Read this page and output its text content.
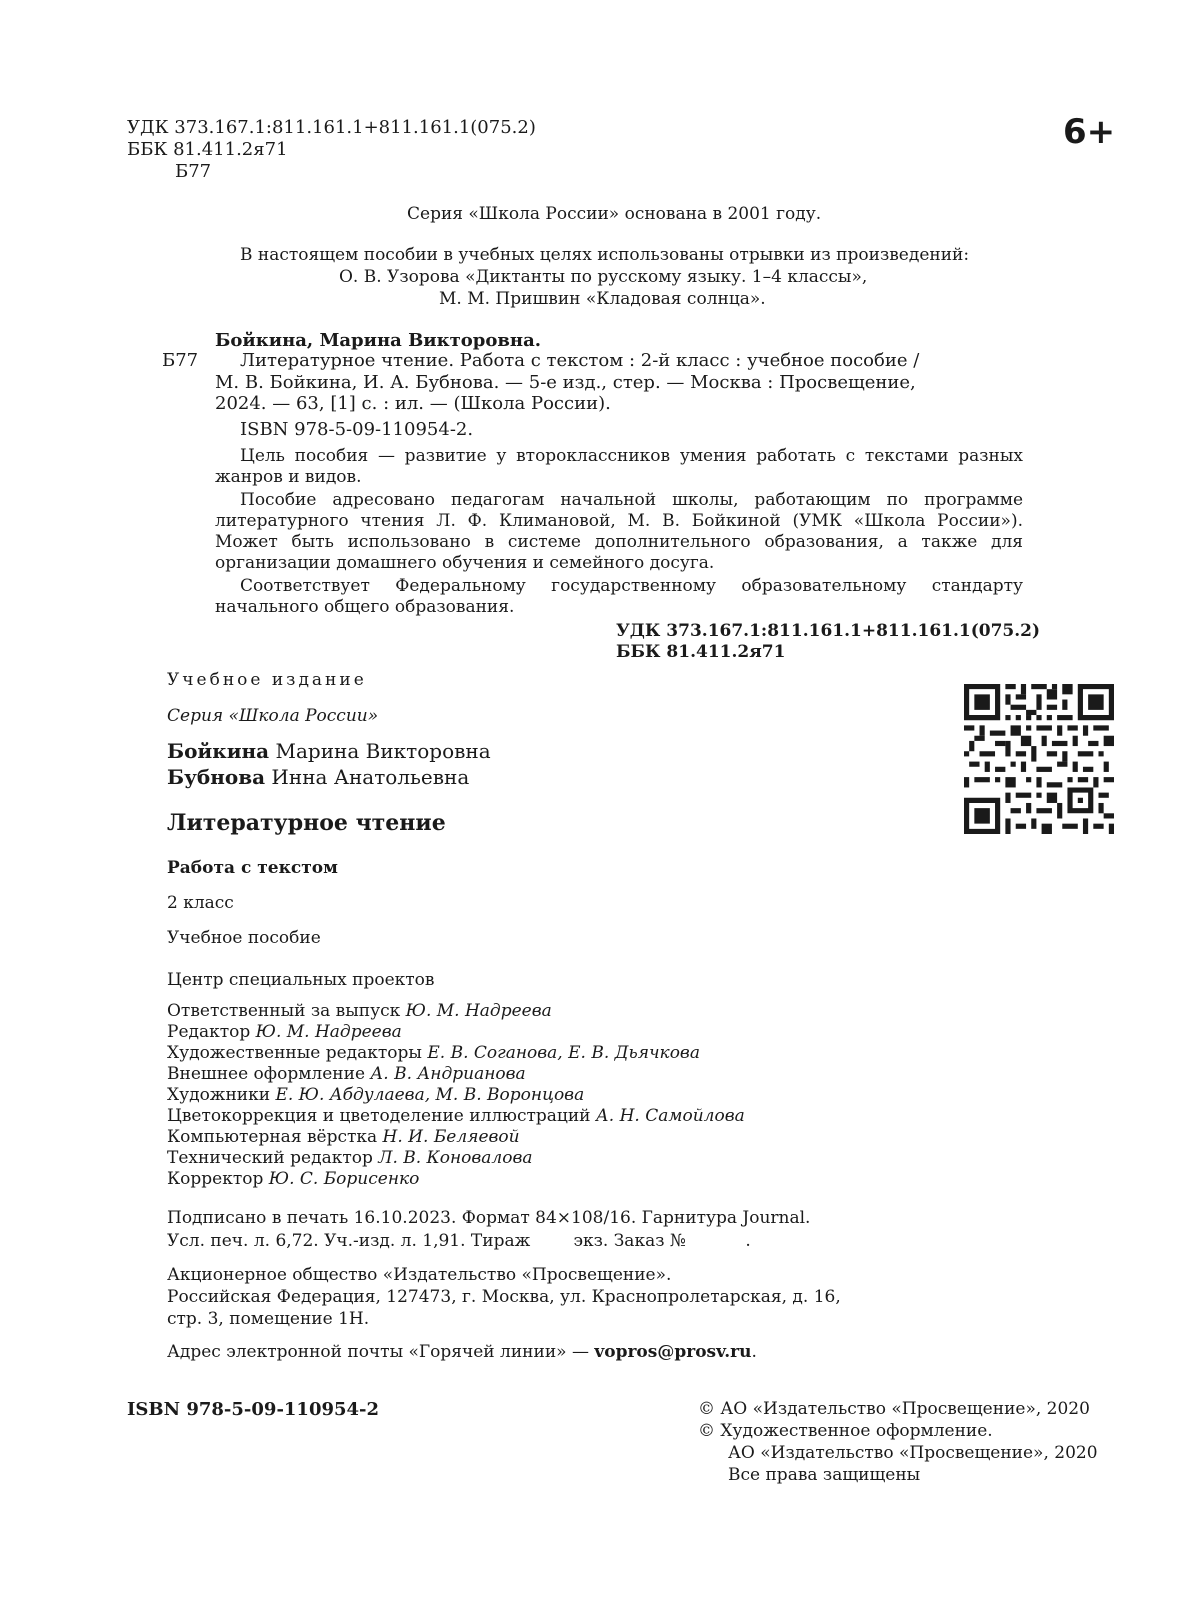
УДК 373.167.1:811.161.1+811.161.1(075.2)
ББК 81.411.2я71
Б77
6+
Серия «Школа России» основана в 2001 году.
В настоящем пособии в учебных целях использованы отрывки из произведений:
О. В. Узорова «Диктанты по русскому языку. 1–4 классы»,
М. М. Пришвин «Кладовая солнца».
Бойкина, Марина Викторовна.
Б77 Литературное чтение. Работа с текстом : 2-й класс : учебное пособие /
М. В. Бойкина, И. А. Бубнова. — 5-е изд., стер. — Москва : Просвещение,
2024. — 63, [1] с. : ил. — (Школа России).
ISBN 978-5-09-110954-2.
Цель пособия — развитие у второклассников умения работать с текстами разных жанров и видов.
Пособие адресовано педагогам начальной школы, работающим по программе литературного чтения Л. Ф. Климановой, М. В. Бойкиной (УМК «Школа России»). Может быть использовано в системе дополнительного образования, а также для организации домашнего обучения и семейного досуга.
Соответствует Федеральному государственному образовательному стандарту начального общего образования.
УДК 373.167.1:811.161.1+811.161.1(075.2)
ББК 81.411.2я71
Учебное издание
Серия «Школа России»
Бойкина Марина Викторовна
Бубнова Инна Анатольевна
Литературное чтение
Работа с текстом
2 класс
Учебное пособие
Центр специальных проектов
Ответственный за выпуск Ю. М. Надреева
Редактор Ю. М. Надреева
Художественные редакторы Е. В. Соганова, Е. В. Дьячкова
Внешнее оформление А. В. Андрианова
Художники Е. Ю. Абдулаева, М. В. Воронцова
Цветокоррекция и цветоделение иллюстраций А. Н. Самойлова
Компьютерная вёрстка Н. И. Беляевой
Технический редактор Л. В. Коновалова
Корректор Ю. С. Борисенко
Подписано в печать 16.10.2023. Формат 84×108/16. Гарнитура Journal.
Усл. печ. л. 6,72. Уч.-изд. л. 1,91. Тираж        экз. Заказ №           .
Акционерное общество «Издательство «Просвещение».
Российская Федерация, 127473, г. Москва, ул. Краснопролетарская, д. 16,
стр. 3, помещение 1Н.
Адрес электронной почты «Горячей линии» — vopros@prosv.ru.
ISBN 978-5-09-110954-2	© АО «Издательство «Просвещение», 2020
© Художественное оформление.
АО «Издательство «Просвещение», 2020
Все права защищены
